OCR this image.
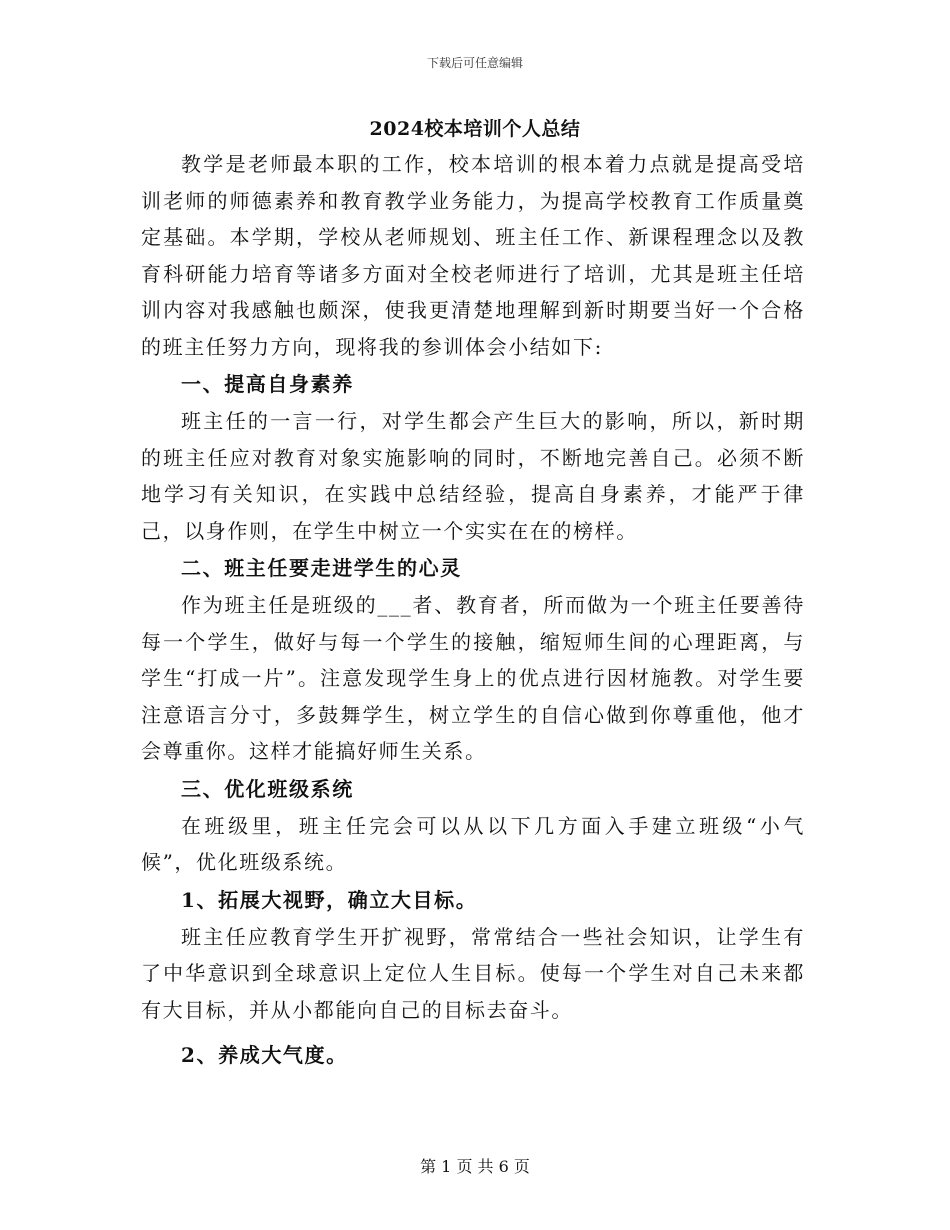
下载后可任意编辑
2024校本培训个人总结

教学是老师最本职的工作，校本培训的根本着力点就是提高受培训老师的师德素养和教育教学业务能力，为提高学校教育工作质量奠定基础。本学期，学校从老师规划、班主任工作、新课程理念以及教育科研能力培育等诸多方面对全校老师进行了培训，尤其是班主任培训内容对我感触也颇深，使我更清楚地理解到新时期要当好一个合格的班主任努力方向，现将我的参训体会小结如下:

一、提高自身素养

班主任的一言一行，对学生都会产生巨大的影响，所以，新时期的班主任应对教育对象实施影响的同时，不断地完善自己。必须不断地学习有关知识，在实践中总结经验，提高自身素养，才能严于律己，以身作则，在学生中树立一个实实在在的榜样。

二、班主任要走进学生的心灵

作为班主任是班级的___者、教育者，所而做为一个班主任要善待每一个学生，做好与每一个学生的接触，缩短师生间的心理距离，与学生“打成一片”。注意发现学生身上的优点进行因材施教。对学生要注意语言分寸，多鼓舞学生，树立学生的自信心做到你尊重他，他才会尊重你。这样才能搞好师生关系。

三、优化班级系统

在班级里，班主任完会可以从以下几方面入手建立班级“小气候”，优化班级系统。

1、拓展大视野，确立大目标。

班主任应教育学生开扩视野，常常结合一些社会知识，让学生有了中华意识到全球意识上定位人生目标。使每一个学生对自己未来都有大目标，并从小都能向自己的目标去奋斗。

2、养成大气度。
第 1 页 共 6 页
